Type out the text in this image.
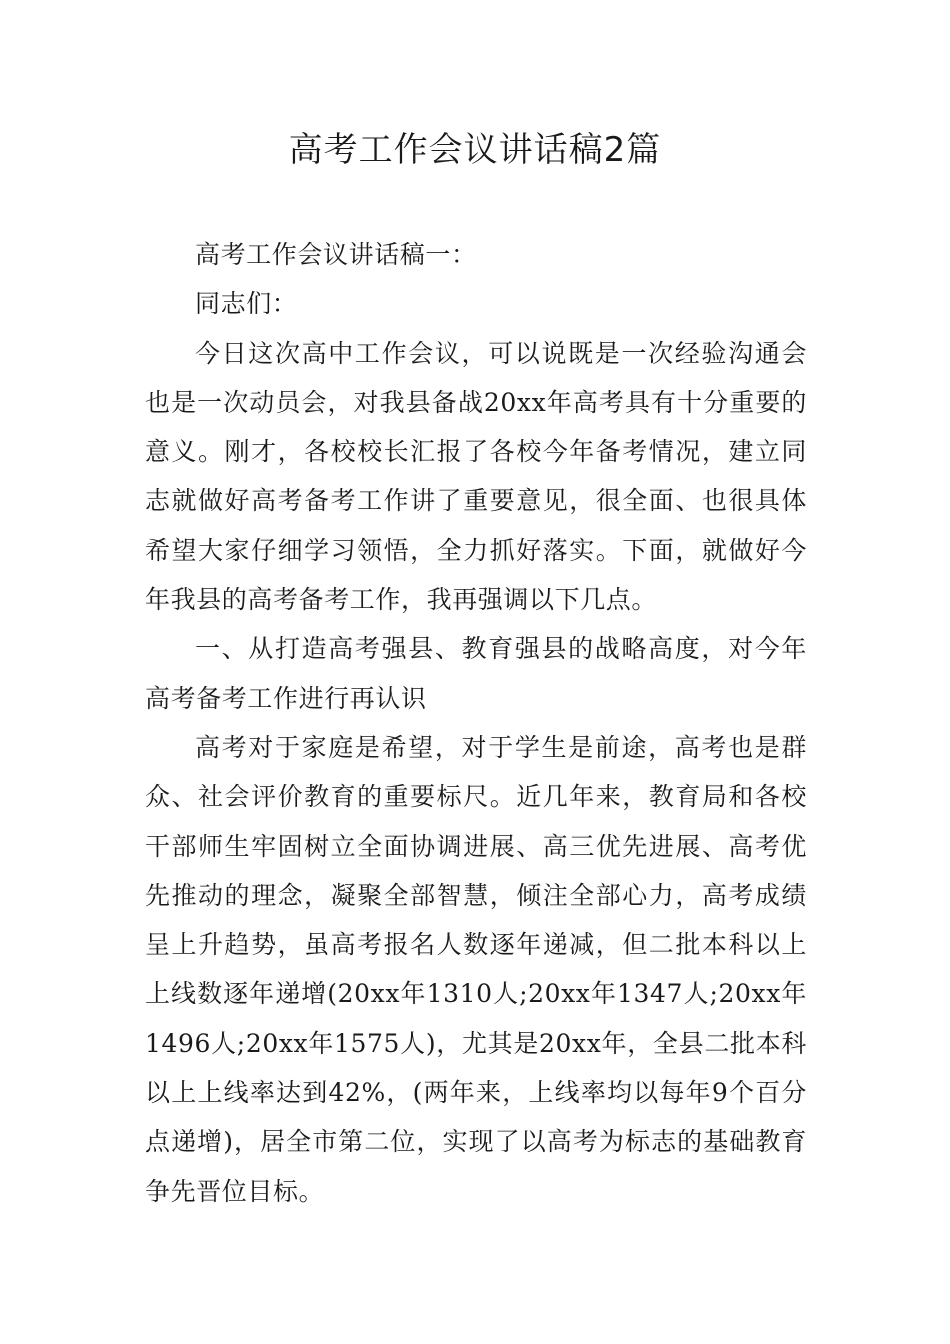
高考工作会议讲话稿2篇

高考工作会议讲话稿一：

同志们：

今日这次高中工作会议，可以说既是一次经验沟通会也是一次动员会，对我县备战20xx年高考具有十分重要的意义。刚才，各校校长汇报了各校今年备考情况，建立同志就做好高考备考工作讲了重要意见，很全面、也很具体希望大家仔细学习领悟，全力抓好落实。下面，就做好今年我县的高考备考工作，我再强调以下几点。

一、从打造高考强县、教育强县的战略高度，对今年高考备考工作进行再认识

高考对于家庭是希望，对于学生是前途，高考也是群众、社会评价教育的重要标尺。近几年来，教育局和各校干部师生牢固树立全面协调进展、高三优先进展、高考优先推动的理念，凝聚全部智慧，倾注全部心力，高考成绩呈上升趋势，虽高考报名人数逐年递减，但二批本科以上上线数逐年递增(20xx年1310人;20xx年1347人;20xx年1496人;20xx年1575人)，尤其是20xx年，全县二批本科以上上线率达到42%，(两年来，上线率均以每年9个百分点递增)，居全市第二位，实现了以高考为标志的基础教育争先晋位目标。
